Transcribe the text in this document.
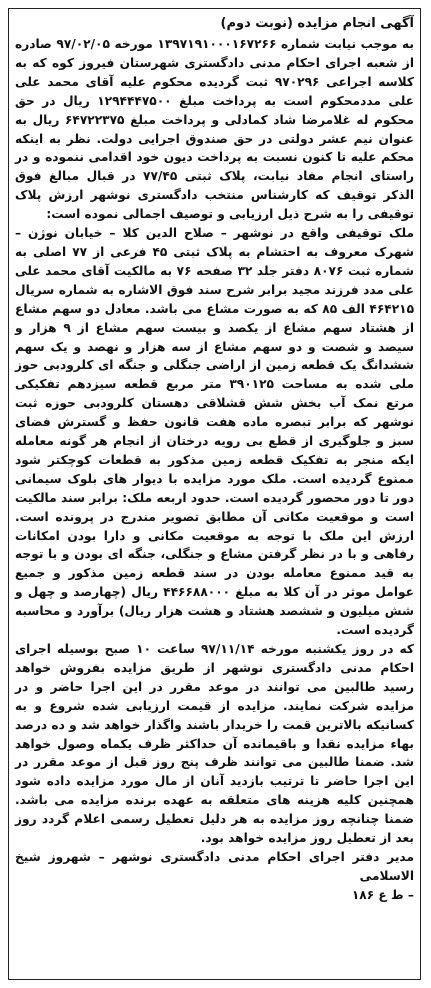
آگهی انجام مزایده (نوبت دوم)

به موجب نیابت شماره ۱۳۹۷۱۹۱۰۰۰۱۶۷۲۶۶ مورخه ۹۷/۰۲/۰۵ صادره از شعبه اجرای احکام مدنی دادگستری شهرستان فیروز کوه که به کلاسه اجراعی ۹۷۰۲۹۶ ثبت گردیده محکوم علیه آقای محمد علی علی مددمحکوم است به پرداخت مبلغ ۱۲۹۴۴۴۷۵۰۰ ریال در حق محکوم له غلامرضا شاد کمادلی و پرداخت مبلغ ۶۴۷۲۲۳۷۵ ریال به عنوان نیم عشر دولتی در حق صندوق اجرایی دولت. نظر به اینکه محکم علیه تا کنون نسبت به پرداخت دیون خود اقدامی ننموده و در راستای انجام مفاد نیابت، پلاک ثبتی ۷۷/۴۵ در قبال مبالغ فوق الذکر توقیف که کارشناس منتخب دادگستری نوشهر ارزش پلاک توقیفی را به شرح ذیل ارزیابی و توصیف اجمالی نموده است:

ملک توقیفی واقع در نوشهر – صلاح الدین کلا – خیابان نوژن – شهرک معروف به احتشام به پلاک ثبتی ۴۵ فرعی از ۷۷ اصلی به شماره ثبت ۸۰۷۶ دفتر جلد ۳۲ صفحه ۷۶ به مالکیت آقای محمد علی علی مدد فرزند مجید برابر شرح سند فوق الاشاره به شماره سریال ۴۶۴۲۱۵ الف ۸۵ که به صورت مشاع می باشد. معادل دو سهم مشاع از هشتاد سهم مشاع از یکصد و بیست سهم مشاع از ۹ هزار و سیصد و شصت و دو سهم مشاع از سه هزار و نهصد و یک سهم ششدانگ یک قطعه زمین از اراضی جنگلی و جنگه ای کلرودبی حوز ملی شده به مساحت ۳۹۰۱۲۵ متر مربع قطعه سیزدهم تفکیکی مرتع نمک آب بخش شش قشلاقی دهستان کلرودبی حوزه ثبت نوشهر که برابر تبصره ماده هفت قانون حفظ و گسترش فضای سبز و جلوگیری از قطع بی رویه درختان از انجام هر گونه معامله ایکه منجر به تفکیک قطعه زمین مذکور به قطعات کوچکتر شود ممنوع گردیده است. ملک مورد مزایده با دیوار های بلوک سیمانی دور تا دور محصور گردیده است. حدود اربعه ملک: برابر سند مالکیت است و موقعیت مکانی آن مطابق تصویر مندرج در پرونده است. ارزش این ملک با توجه به موقعیت مکانی و دارا بودن امکانات رفاهی و با در نظر گرفتن مشاع و جنگلی، جنگه ای بودن و با توجه به قید ممنوع معامله بودن در سند قطعه زمین مذکور و جمیع عوامل موثر در آن کلا به مبلغ ۴۴۶۶۸۸۰۰۰ ریال (چهارصد و چهل و شش میلیون و ششصد هشتاد و هشت هزار ریال) برآورد و محاسبه گردیده است.

که در روز یکشنبه مورخه ۹۷/۱۱/۱۴ ساعت ۱۰ صبح بوسیله اجرای احکام مدنی دادگستری نوشهر از طریق مزایده بفروش خواهد رسید طالبین می توانند در موعد مقرر در این اجرا حاضر و در مزایده شرکت نمایند. مزایده از قیمت ارزیابی شده شروع و به کسانیکه بالاترین قمت را خریدار باشند واگذار خواهد شد و ده درصد بهاء مزایده نقدا و باقیمانده آن حداکثر ظرف یکماه وصول خواهد شد. ضمنا طالبین می توانند ظرف پنج روز قبل از موعد مقرر در این اجرا حاضر تا ترتیب بازدید آنان از مال مورد مزایده داده شود همچنین کلیه هزینه های متعلقه به عهده برنده مزایده می باشد. ضمنا چنانچه روز مزایده به هر دلیل تعطیل رسمی اعلام گردد روز بعد از تعطیل روز مزایده خواهد بود.

مدیر دفتر اجرای احکام مدنی دادگستری نوشهر – شهروز شیخ الاسلامی

– ط ع ۱۸۶
